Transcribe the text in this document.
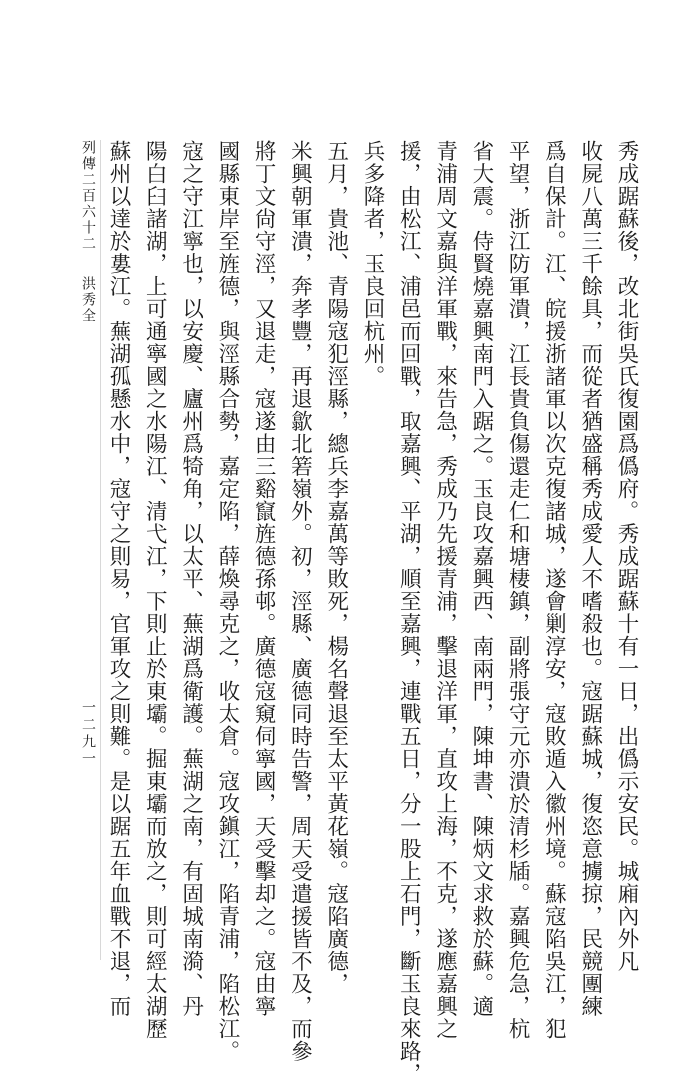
列傳二百六十二洪秀全
一二九一	秀成踞蘇後，改北街吳氏復園爲僞府。秀成踞蘇十有一日，出僞示安民。城廂內外凡
收屍八萬三千餘具，而從者猶盛稱秀成愛人不嗜殺也。寇踞蘇城，復恣意擄掠，民競團練
爲自保計。江、皖援浙諸軍以次克復諸城，遂會剿淳安，寇敗遁入徽州境。蘇寇陷吳江，犯
平望，浙江防軍潰，江長貴負傷還走仁和塘棲鎮，副將張守元亦潰於清杉牐。嘉興危急，杭
省大震。侍賢燒嘉興南門入踞之。玉良攻嘉興西、南兩門，陳坤書、陳炳文求救於蘇。適
青浦周文嘉與洋軍戰，來告急，秀成乃先援青浦，擊退洋軍，直攻上海，不克，遂應嘉興之
援，由松江、浦邑而回戰，取嘉興、平湖，順至嘉興，連戰五日，分一股上石門，斷玉良來路，
兵多降者，玉良回杭州。
五月，貴池、青陽寇犯涇縣，總兵李嘉萬等敗死，楊名聲退至太平黃花嶺。寇陷廣德，
米興朝軍潰，奔孝豐，再退歙北箬嶺外。初，涇縣、廣德同時告警，周天受遣援皆不及，而參
將丁文尙守涇，又退走，寇遂由三谿竄旌德孫邨。廣德寇窺伺寧國，天受擊却之。寇由寧
國縣東岸至旌德，與涇縣合勢，嘉定陷，薛煥尋克之，收太倉。寇攻鎭江，陷青浦，陷松江。
寇之守江寧也，以安慶、廬州爲犄角，以太平、蕪湖爲衛護。蕪湖之南，有固城南漪、丹
陽白臼諸湖，上可通寧國之水陽江、清弋江，下則止於東壩。掘東壩而放之，則可經太湖歷
蘇州以達於婁江。蕪湖孤懸水中，寇守之則易，官軍攻之則難。是以踞五年血戰不退，而
